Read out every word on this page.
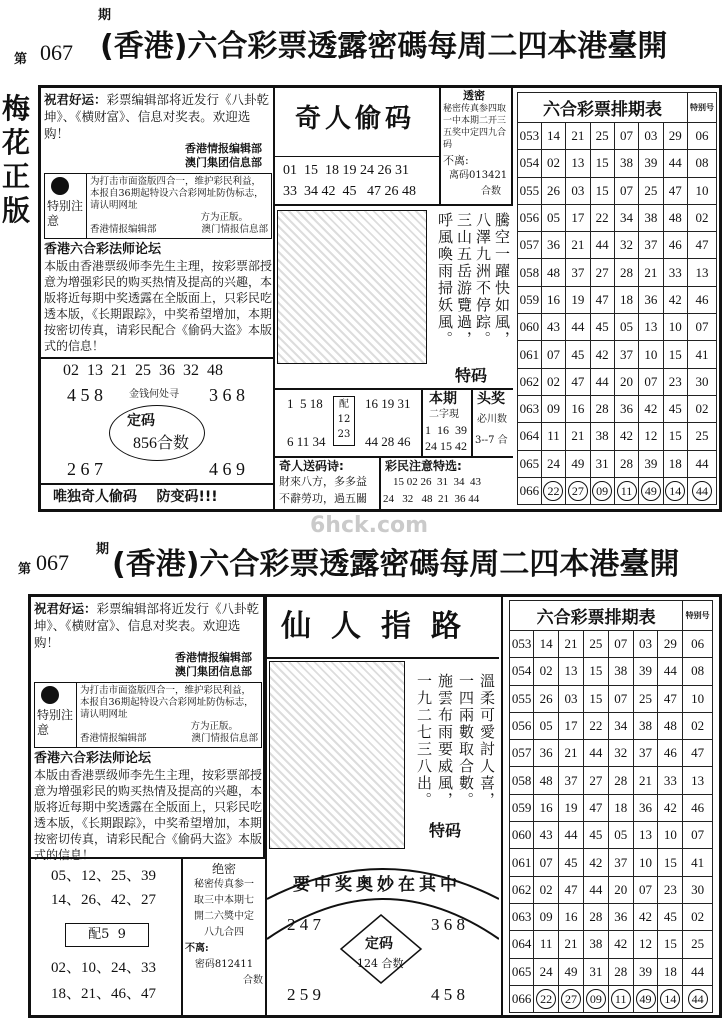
第 067
期
(香港)六合彩票透露密碼每周二四本港臺開
梅花正版
祝君好运：彩票编辑部将近发行《八卦乾坤》、《横财富》、信息对奖表。欢迎选购！
香港情报编辑部
澳门集团信息部
特别注意
为打击市面盗版四合一，维护彩民利益，本报自36期起特设六合彩网址防伪标志，请认明网址
方为正版。
香港情报编辑部	澳门情报信息部
香港六合彩法师论坛
本版由香港票级师李先生主理，按彩票部授意为增强彩民的购买热情及提高的兴趣，本版将近每期中奖透露在全版面上，只彩民吃透本版，《长期跟踪》，中奖希望增加，本期按密切传真，请彩民配合《偷码大盗》本版式的信息！
02  13  21  25  36  32  48
4 5 8	3 6 8
金钱何处寻
定码
856合数
2 6 7	4 6 9
唯独奇人偷码    防变码!!!
奇人偷码
01  15  18 19 24 26 31
33  34 42  45   47 26 48
透密
秘密传真参四取一中本期二开三五奖中定四九合码
不离:
离码013421
合数
騰空一躍快如風，
八澤九洲不停踪。
三山五岳游覽過，
呼風喚雨掃妖風。
特码
1  5 18
6 11 34
配
12
23
16 19 31
44 28 46
本期
二字現
1  16  39
24 15 42
头奖
必川数
3--7 合
奇人送码诗:
財來八方，多多益
不辭勞功，過五關
彩民注意特选:
15 02 26  31  34  43
24   32   48  21  36 44
六合彩票排期表							特别号
053	14	21	25	07	03	29	06
054	02	13	15	38	39	44	08
055	26	03	15	07	25	47	10
056	05	17	22	34	38	48	02
057	36	21	44	32	37	46	47
058	48	37	27	28	21	33	13
059	16	19	47	18	36	42	46
060	43	44	45	05	13	10	07
061	07	45	42	37	10	15	41
062	02	47	44	20	07	23	30
063	09	16	28	36	42	45	02
064	11	21	38	42	12	15	25
065	24	49	31	28	39	18	44
066	22	27	09	11	49	14	44
6hck.com
第 067
期 (香港)六合彩票透露密碼每周二四本港臺開
祝君好运：彩票编辑部将近发行《八卦乾坤》、《横财富》、信息对奖表。欢迎选购！
香港情报编辑部
澳门集团信息部
特别注意
为打击市面盗版四合一，维护彩民利益，本报自36期起特设六合彩网址防伪标志，请认明网址
方为正版。
香港情报编辑部	澳门情报信息部
香港六合彩法师论坛
本版由香港票级师李先生主理，按彩票部授意为增强彩民的购买热情及提高的兴趣，本版将近每期中奖透露在全版面上，只彩民吃透本版，《长期跟踪》，中奖希望增加，本期按密切传真，请彩民配合《偷码大盗》本版式的信息！
05、12、25、39
14、26、42、27
配5  9
02、10、24、33
18、21、46、47
绝密
秘密传真参一
取三中本期七
開二六獎中定
八九合四
不离:
密码812411
合数
仙人指路
溫柔可愛討人喜，
一四兩數取合數。
施雲布雨要威風，
一九二七三八出。
特码
要中奖奥妙在其中
2 4 7	3 6 8
定码
124 合数
2 5 9	4 5 8
六合彩票排期表							特别号
053	14	21	25	07	03	29	06
054	02	13	15	38	39	44	08
055	26	03	15	07	25	47	10
056	05	17	22	34	38	48	02
057	36	21	44	32	37	46	47
058	48	37	27	28	21	33	13
059	16	19	47	18	36	42	46
060	43	44	45	05	13	10	07
061	07	45	42	37	10	15	41
062	02	47	44	20	07	23	30
063	09	16	28	36	42	45	02
064	11	21	38	42	12	15	25
065	24	49	31	28	39	18	44
066	22	27	09	11	49	14	44
